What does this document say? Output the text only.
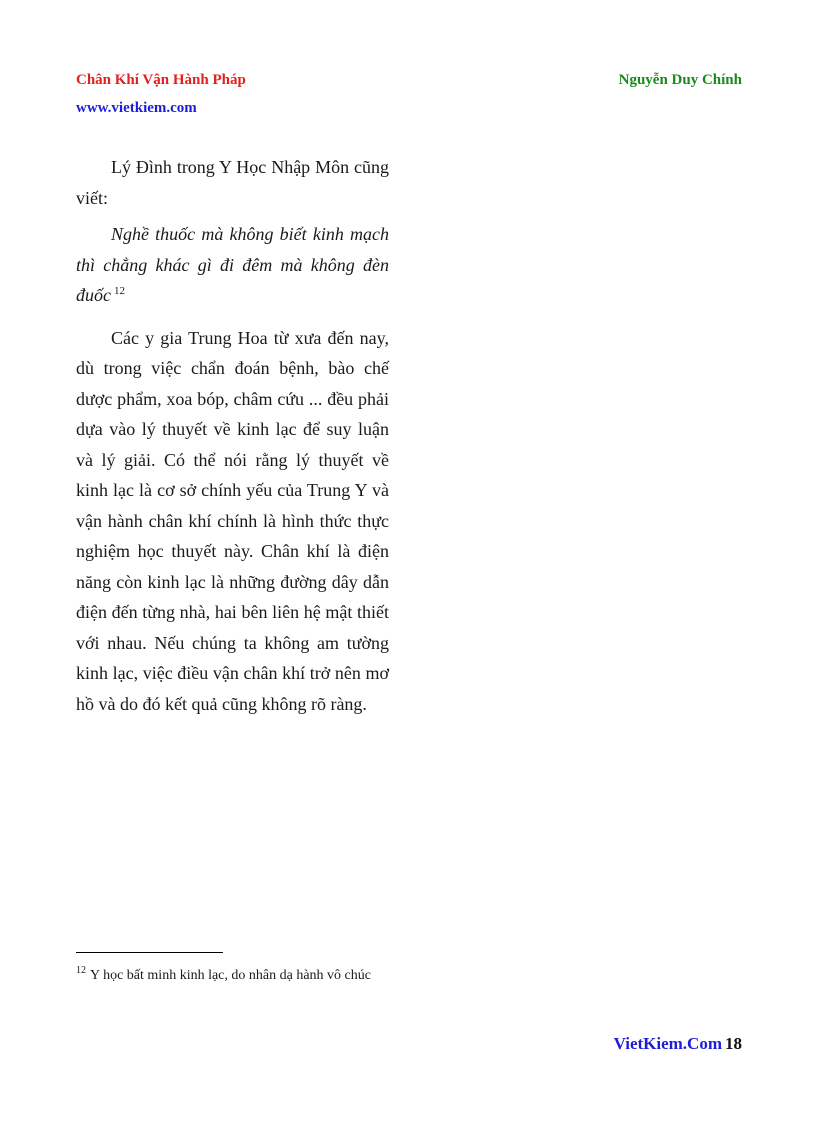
Chân Khí Vận Hành Pháp
www.vietkiem.com
Nguyễn Duy Chính

Lý Đình trong Y Học Nhập Môn cũng viết:

Nghề thuốc mà không biết kinh mạch thì chẳng khác gì đi đêm mà không đèn đuốc $^{12}$

Các y gia Trung Hoa từ xưa đến nay, dù trong việc chẩn đoán bệnh, bào chế dược phẩm, xoa bóp, châm cứu ... đều phải dựa vào lý thuyết về kinh lạc để suy luận và lý giải. Có thể nói rằng lý thuyết về kinh lạc là cơ sở chính yếu của Trung Y và vận hành chân khí chính là hình thức thực nghiệm học thuyết này. Chân khí là điện năng còn kinh lạc là những đường dây dẫn điện đến từng nhà, hai bên liên hệ mật thiết với nhau. Nếu chúng ta không am tường kinh lạc, việc điều vận chân khí trở nên mơ hồ và do đó kết quả cũng không rõ ràng.

$^{12}$ Y học bất minh kinh lạc, do nhân dạ hành vô chúc
VietKiem.Com 18
